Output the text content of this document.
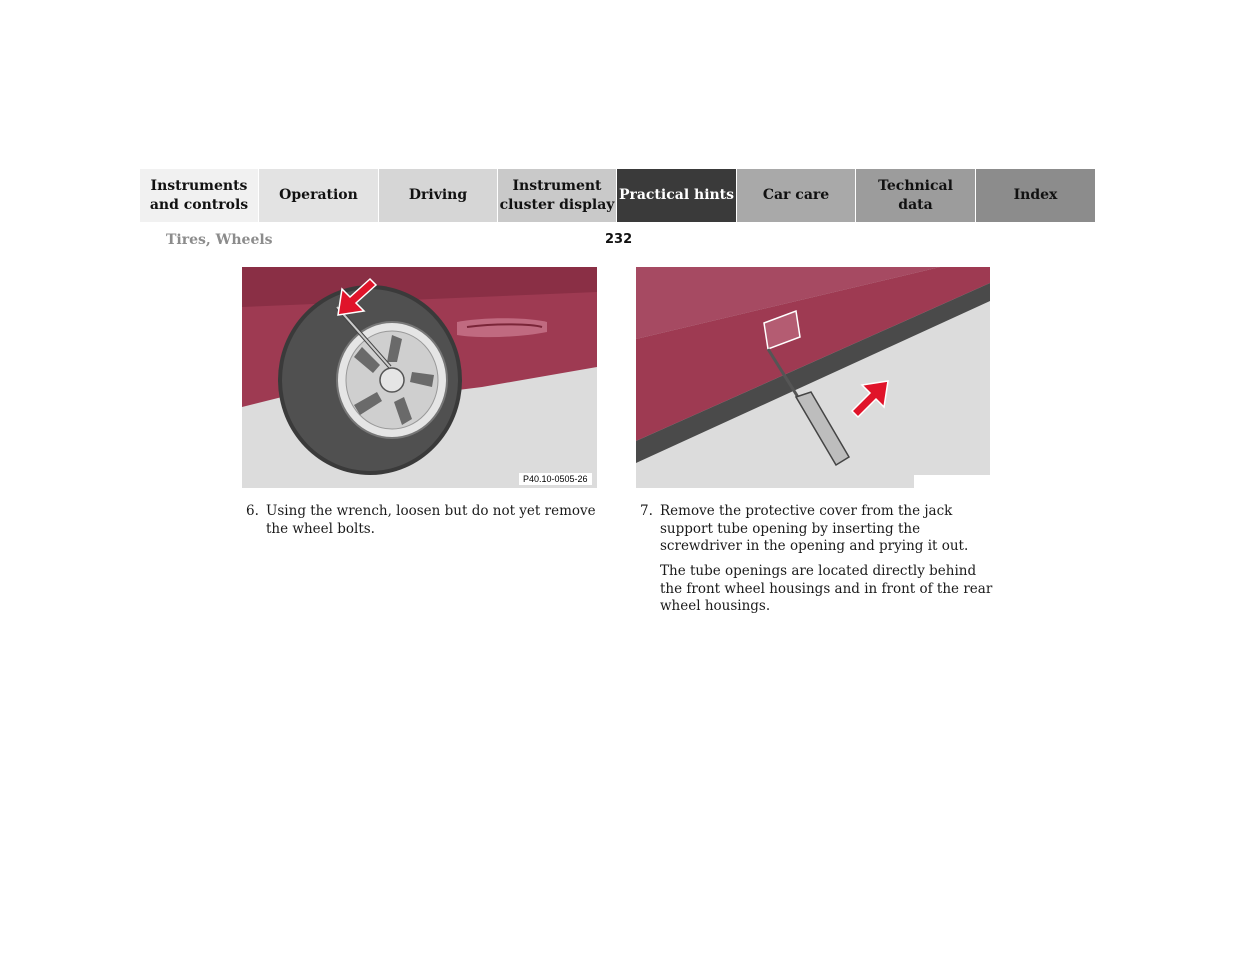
Instruments
and controls
Operation	Driving
Instrument
cluster display
Practical hints	Car care
Technical
data
Index
Tires, Wheels	232
P40.10-0505-26
6. Using the wrench, loosen but do not yet remove the wheel bolts.
7. Remove the protective cover from the jack support tube opening by inserting the screwdriver in the opening and prying it out.
The tube openings are located directly behind the front wheel housings and in front of the rear wheel housings.
